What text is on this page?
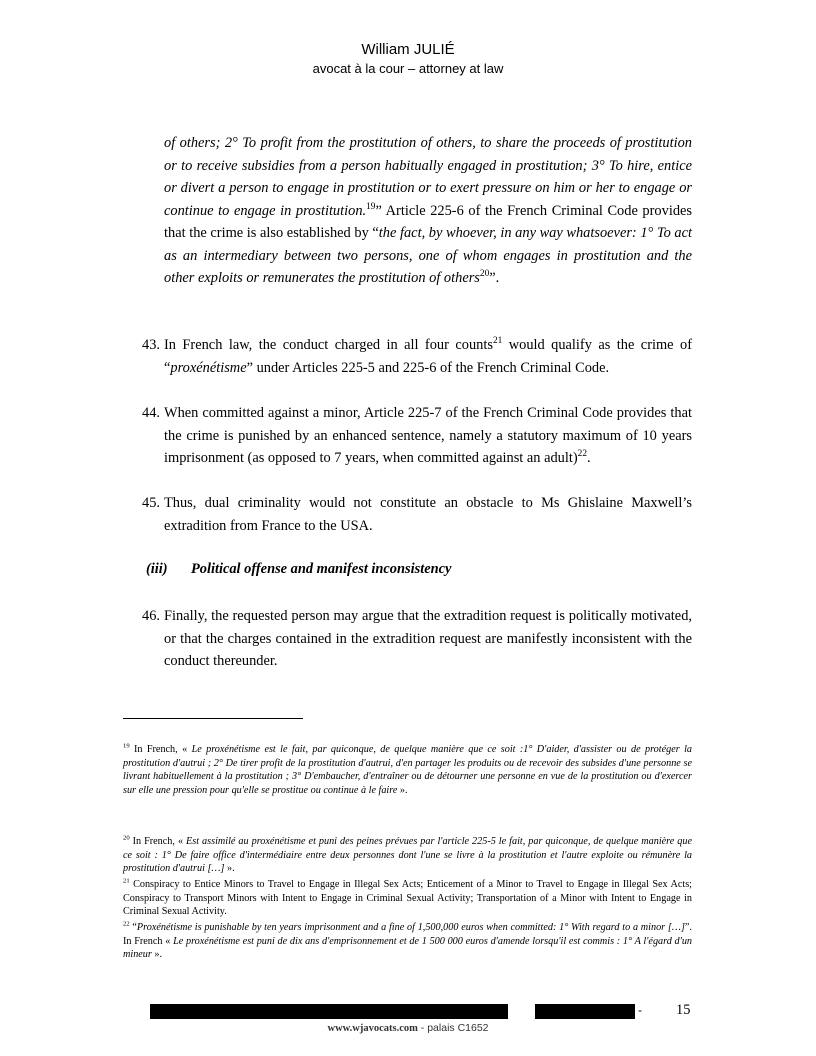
William JULIÉ
avocat à la cour – attorney at law
of others; 2° To profit from the prostitution of others, to share the proceeds of prostitution or to receive subsidies from a person habitually engaged in prostitution; 3° To hire, entice or divert a person to engage in prostitution or to exert pressure on him or her to engage or continue to engage in prostitution.$^{19}$” Article 225-6 of the French Criminal Code provides that the crime is also established by “the fact, by whoever, in any way whatsoever: 1° To act as an intermediary between two persons, one of whom engages in prostitution and the other exploits or remunerates the prostitution of others$^{20}$”.
43. In French law, the conduct charged in all four counts$^{21}$ would qualify as the crime of “proxénétisme” under Articles 225-5 and 225-6 of the French Criminal Code.
44. When committed against a minor, Article 225-7 of the French Criminal Code provides that the crime is punished by an enhanced sentence, namely a statutory maximum of 10 years imprisonment (as opposed to 7 years, when committed against an adult)$^{22}$.
45. Thus, dual criminality would not constitute an obstacle to Ms Ghislaine Maxwell’s extradition from France to the USA.
(iii) Political offense and manifest inconsistency
46. Finally, the requested person may argue that the extradition request is politically motivated, or that the charges contained in the extradition request are manifestly inconsistent with the conduct thereunder.
$^{19}$ In French, « Le proxénétisme est le fait, par quiconque, de quelque manière que ce soit :1° D'aider, d'assister ou de protéger la prostitution d'autrui ; 2° De tirer profit de la prostitution d'autrui, d'en partager les produits ou de recevoir des subsides d'une personne se livrant habituellement à la prostitution ; 3° D'embaucher, d'entraîner ou de détourner une personne en vue de la prostitution ou d'exercer sur elle une pression pour qu'elle se prostitue ou continue à le faire ».
$^{20}$ In French, « Est assimilé au proxénétisme et puni des peines prévues par l'article 225-5 le fait, par quiconque, de quelque manière que ce soit : 1° De faire office d'intermédiaire entre deux personnes dont l'une se livre à la prostitution et l'autre exploite ou rémunère la prostitution d'autrui […] ».
$^{21}$ Conspiracy to Entice Minors to Travel to Engage in Illegal Sex Acts; Enticement of a Minor to Travel to Engage in Illegal Sex Acts; Conspiracy to Transport Minors with Intent to Engage in Criminal Sexual Activity; Transportation of a Minor with Intent to Engage in Criminal Sexual Activity.
$^{22}$ “Proxénétisme is punishable by ten years imprisonment and a fine of 1,500,000 euros when committed: 1° With regard to a minor […]”. In French « Le proxénétisme est puni de dix ans d'emprisonnement et de 1 500 000 euros d'amende lorsqu'il est commis : 1° A l'égard d'un mineur ».
- 15
www.wjavocats.com - palais C1652
